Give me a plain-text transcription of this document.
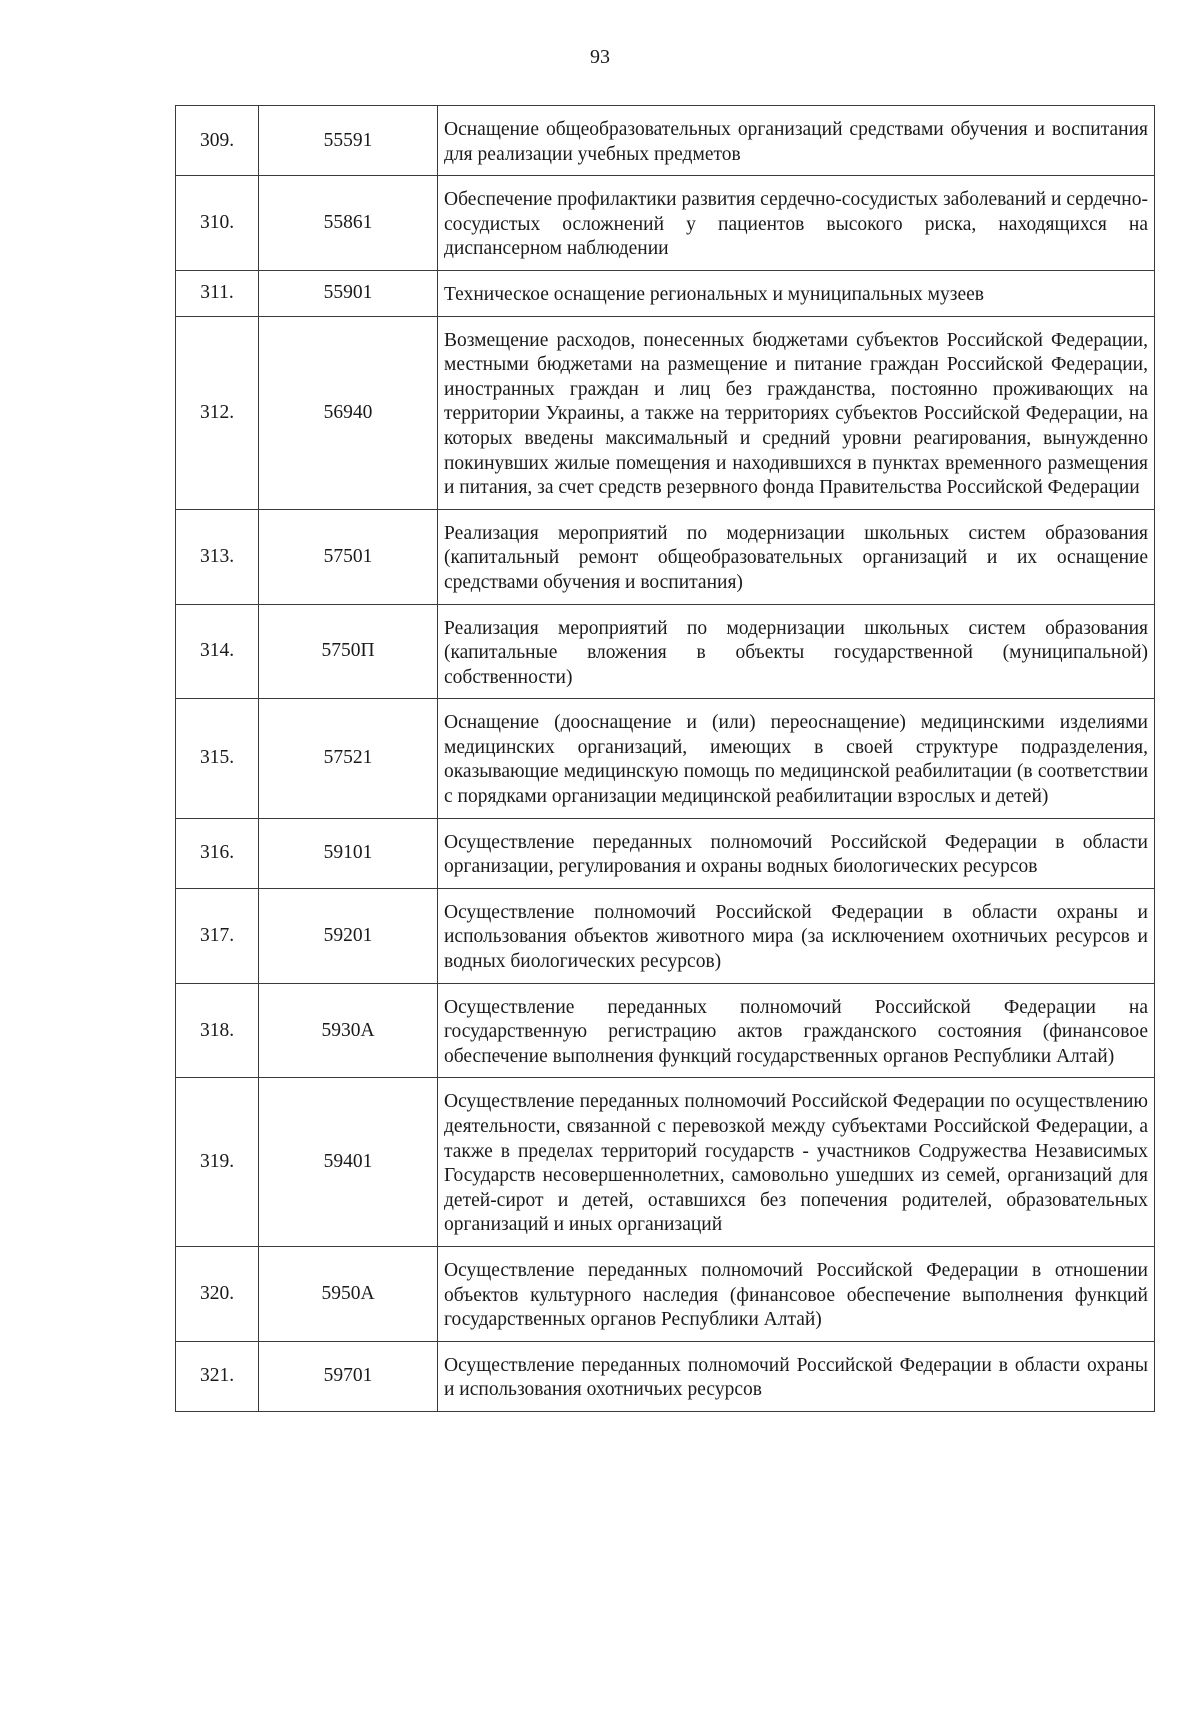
93
309.	55591	Оснащение общеобразовательных организаций средствами обучения и воспитания для реализации учебных предметов
310.	55861	Обеспечение профилактики развития сердечно-сосудистых заболеваний и сердечно-сосудистых осложнений у пациентов высокого риска, находящихся на диспансерном наблюдении
311.	55901	Техническое оснащение региональных и муниципальных музеев
312.	56940	Возмещение расходов, понесенных бюджетами субъектов Российской Федерации, местными бюджетами на размещение и питание граждан Российской Федерации, иностранных граждан и лиц без гражданства, постоянно проживающих на территории Украины, а также на территориях субъектов Российской Федерации, на которых введены максимальный и средний уровни реагирования, вынужденно покинувших жилые помещения и находившихся в пунктах временного размещения и питания, за счет средств резервного фонда Правительства Российской Федерации
313.	57501	Реализация мероприятий по модернизации школьных систем образования (капитальный ремонт общеобразовательных организаций и их оснащение средствами обучения и воспитания)
314.	5750П	Реализация мероприятий по модернизации школьных систем образования (капитальные вложения в объекты государственной (муниципальной) собственности)
315.	57521	Оснащение (дооснащение и (или) переоснащение) медицинскими изделиями медицинских организаций, имеющих в своей структуре подразделения, оказывающие медицинскую помощь по медицинской реабилитации (в соответствии с порядками организации медицинской реабилитации взрослых и детей)
316.	59101	Осуществление переданных полномочий Российской Федерации в области организации, регулирования и охраны водных биологических ресурсов
317.	59201	Осуществление полномочий Российской Федерации в области охраны и использования объектов животного мира (за исключением охотничьих ресурсов и водных биологических ресурсов)
318.	5930А	Осуществление переданных полномочий Российской Федерации на государственную регистрацию актов гражданского состояния (финансовое обеспечение выполнения функций государственных органов Республики Алтай)
319.	59401	Осуществление переданных полномочий Российской Федерации по осуществлению деятельности, связанной с перевозкой между субъектами Российской Федерации, а также в пределах территорий государств - участников Содружества Независимых Государств несовершеннолетних, самовольно ушедших из семей, организаций для детей-сирот и детей, оставшихся без попечения родителей, образовательных организаций и иных организаций
320.	5950А	Осуществление переданных полномочий Российской Федерации в отношении объектов культурного наследия (финансовое обеспечение выполнения функций государственных органов Республики Алтай)
321.	59701	Осуществление переданных полномочий Российской Федерации в области охраны и использования охотничьих ресурсов
